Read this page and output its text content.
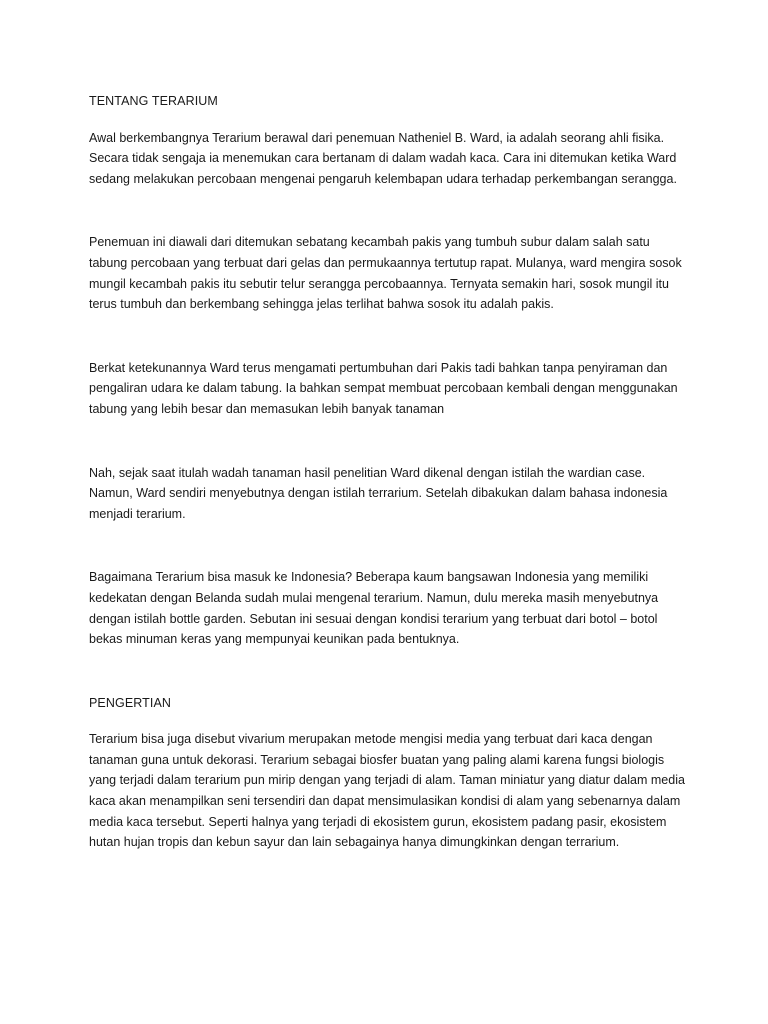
TENTANG TERARIUM

Awal berkembangnya Terarium berawal dari penemuan Natheniel B. Ward, ia adalah seorang ahli fisika. Secara tidak sengaja ia menemukan cara bertanam di dalam wadah kaca. Cara ini ditemukan ketika Ward sedang melakukan percobaan mengenai pengaruh kelembapan udara terhadap perkembangan serangga.

Penemuan ini diawali dari ditemukan sebatang kecambah pakis yang tumbuh subur dalam salah satu tabung percobaan yang terbuat dari gelas dan permukaannya tertutup rapat. Mulanya, ward mengira sosok mungil kecambah pakis itu sebutir telur serangga percobaannya. Ternyata semakin hari, sosok mungil itu terus tumbuh dan berkembang sehingga jelas terlihat bahwa sosok itu adalah pakis.

Berkat ketekunannya Ward terus mengamati pertumbuhan dari Pakis tadi bahkan tanpa penyiraman dan pengaliran udara ke dalam tabung. Ia bahkan sempat membuat percobaan kembali dengan menggunakan tabung yang lebih besar dan memasukan lebih banyak tanaman

Nah, sejak saat itulah wadah tanaman hasil penelitian Ward dikenal dengan istilah the wardian case. Namun, Ward sendiri menyebutnya dengan istilah terrarium. Setelah dibakukan dalam bahasa indonesia menjadi terarium.

Bagaimana Terarium bisa masuk ke Indonesia? Beberapa kaum bangsawan Indonesia yang memiliki kedekatan dengan Belanda sudah mulai mengenal terarium. Namun, dulu mereka masih menyebutnya dengan istilah bottle garden. Sebutan ini sesuai dengan kondisi terarium yang terbuat dari botol – botol bekas minuman keras yang mempunyai keunikan pada bentuknya.

PENGERTIAN

Terarium bisa juga disebut vivarium merupakan metode mengisi media yang terbuat dari kaca dengan tanaman guna untuk dekorasi. Terarium sebagai biosfer buatan yang paling alami karena fungsi biologis yang terjadi dalam terarium pun mirip dengan yang terjadi di alam. Taman miniatur yang diatur dalam media kaca akan menampilkan seni tersendiri dan dapat mensimulasikan kondisi di alam yang sebenarnya dalam media kaca tersebut. Seperti halnya yang terjadi di ekosistem gurun, ekosistem padang pasir, ekosistem hutan hujan tropis dan kebun sayur dan lain sebagainya hanya dimungkinkan dengan terrarium.
